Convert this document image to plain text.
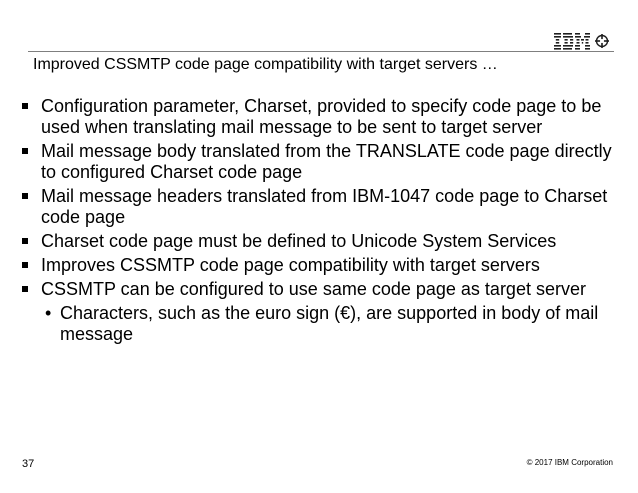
Improved CSSMTP code page compatibility with target servers …
Configuration parameter, Charset, provided to specify code page to be used when translating mail message to be sent to target server
Mail message body translated from the TRANSLATE code page directly to configured Charset code page
Mail message headers translated from IBM-1047 code page to Charset code page
Charset code page must be defined to Unicode System Services
Improves CSSMTP code page compatibility with target servers
CSSMTP can be configured to use same code page as target server
• Characters, such as the euro sign (€), are supported in body of mail message
37	© 2017 IBM Corporation
